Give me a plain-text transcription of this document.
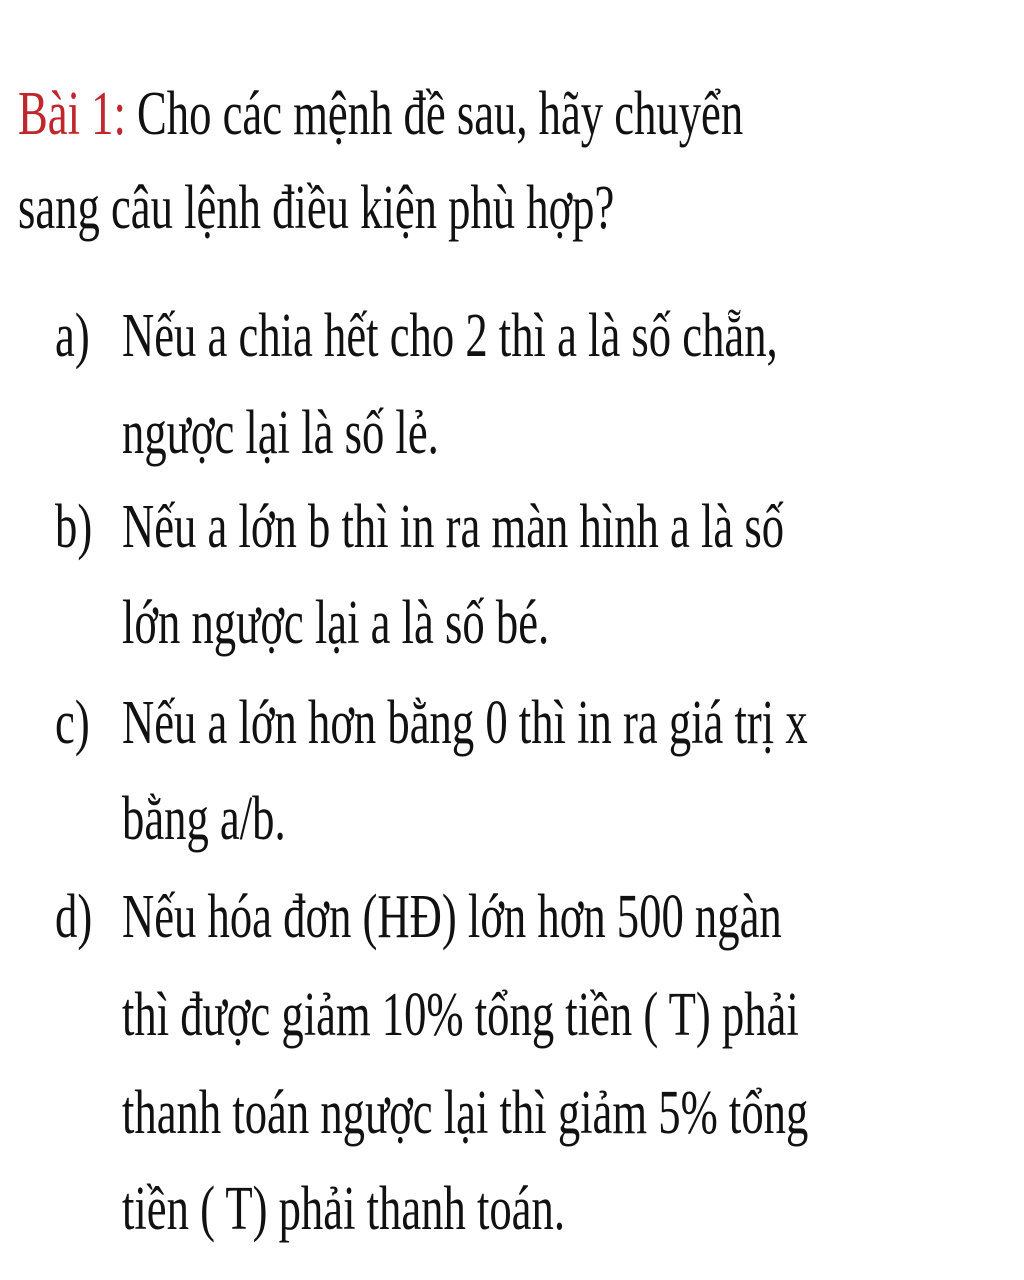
Bài 1: Cho các mệnh đề sau, hãy chuyển
sang câu lệnh điều kiện phù hợp?
a) Nếu a chia hết cho 2 thì a là số chẵn,
ngược lại là số lẻ.
b) Nếu a lớn b thì in ra màn hình a là số
lớn ngược lại a là số bé.
c) Nếu a lớn hơn bằng 0 thì in ra giá trị x
bằng a/b.
d) Nếu hóa đơn (HĐ) lớn hơn 500 ngàn
thì được giảm 10% tổng tiền ( T) phải
thanh toán ngược lại thì giảm 5% tổng
tiền ( T) phải thanh toán.
